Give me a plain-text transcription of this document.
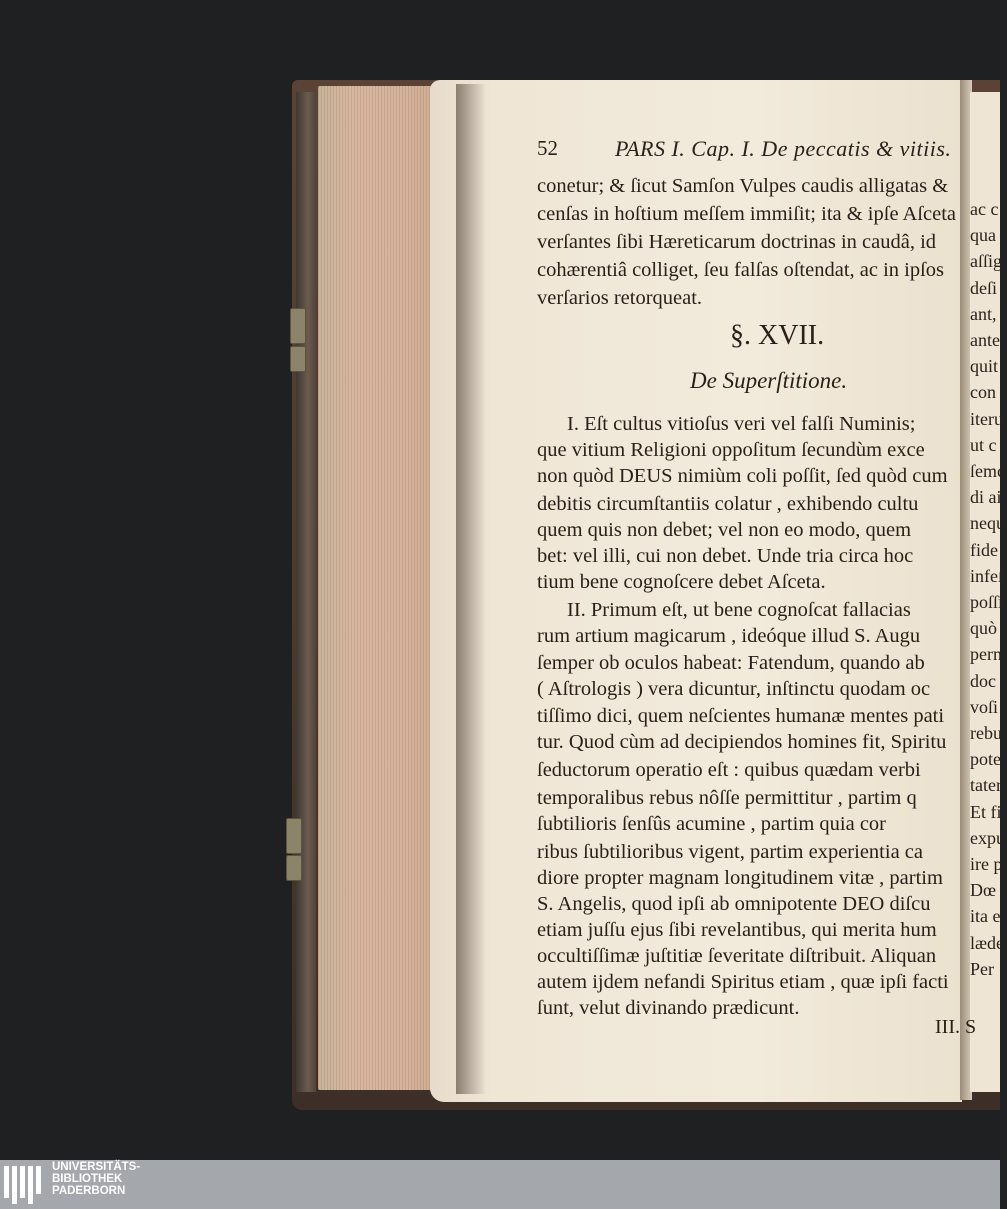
ac c
qua
aſſig
deſi
ant,
ante
quit
con
iteru
ut c
ſemc
di ai
nequ
fide
infeſ
poſſi
quò
pern
doc
voſi
rebu
pote
tater
Et fi
expu
ire p
Dœ
ita e
læde
Per
52	PARS I. Cap. I. De peccatis & vitiis.
conetur; & ſicut Samſon Vulpes caudis alligatas &
cenſas in hoſtium meſſem immiſit; ita & ipſe Aſceta
verſantes ſibi Hæreticarum doctrinas in caudâ, id
cohærentiâ colliget, ſeu falſas oſtendat, ac in ipſos
verſarios retorqueat.
§. XVII.
De Superſtitione.
I. Eſt cultus vitioſus veri vel falſi Numinis;
que vitium Religioni oppoſitum ſecundùm exce
non quòd DEUS nimiùm coli poſſit, ſed quòd cum
debitis circumſtantiis colatur , exhibendo cultu
quem quis non debet; vel non eo modo, quem
bet: vel illi, cui non debet. Unde tria circa hoc
tium bene cognoſcere debet Aſceta.
II. Primum eſt, ut bene cognoſcat fallacias
rum artium magicarum , ideóque illud S. Augu
ſemper ob oculos habeat: Fatendum, quando ab
( Aſtrologis ) vera dicuntur, inſtinctu quodam oc
tiſſimo dici, quem neſcientes humanæ mentes pati
tur. Quod cùm ad decipiendos homines fit, Spiritu
ſeductorum operatio eſt : quibus quædam verbi
temporalibus rebus nôſſe permittitur , partim q
ſubtilioris ſenſûs acumine , partim quia cor
ribus ſubtilioribus vigent, partim experientia ca
diore propter magnam longitudinem vitæ , partim
S. Angelis, quod ipſi ab omnipotente DEO diſcu
etiam juſſu ejus ſibi revelantibus, qui merita hum
occultiſſimæ juſtitiæ ſeveritate diſtribuit. Aliquan
autem ijdem nefandi Spiritus etiam , quæ ipſi facti
ſunt, velut divinando prædicunt.
III. S
UNIVERSITÄTS-
BIBLIOTHEK
PADERBORN
